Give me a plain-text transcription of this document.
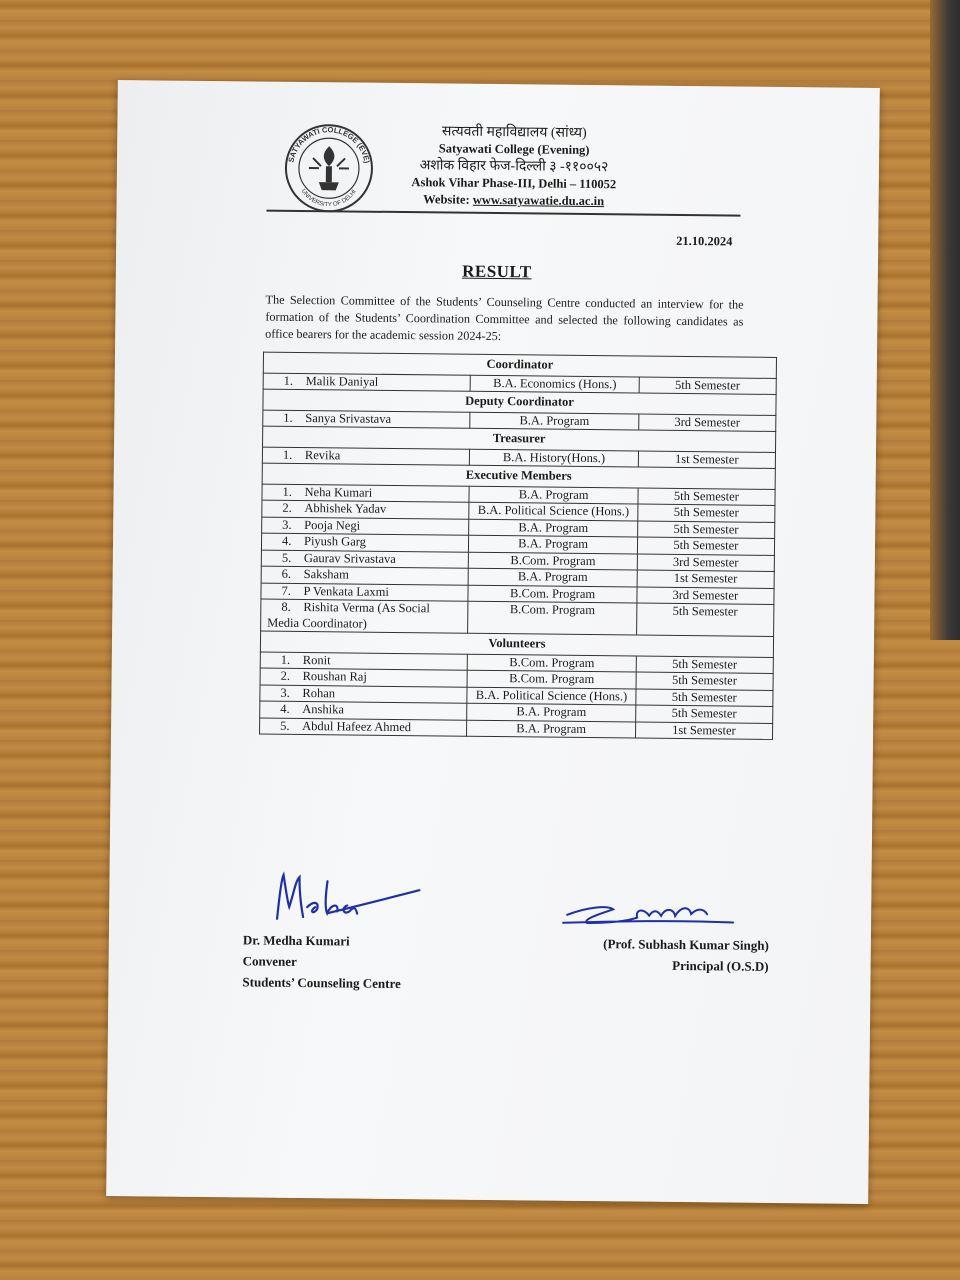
SATYAWATI COLLEGE (EVE)
UNIVERSITY OF DELHI
सत्यवती महाविद्यालय (सांध्य)
Satyawati College (Evening)
अशोक विहार फेज-दिल्ली ३ -११००५२
Ashok Vihar Phase-III, Delhi – 110052
Website: www.satyawatie.du.ac.in
21.10.2024
RESULT
The Selection Committee of the Students’ Counseling Centre conducted an interview for the formation of the Students’ Coordination Committee and selected the following candidates as office bearers for the academic session 2024-25:
Coordinator		
1. Malik Daniyal	B.A. Economics (Hons.)	5th Semester
Deputy Coordinator		
1. Sanya Srivastava	B.A. Program	3rd Semester
Treasurer		
1. Revika	B.A. History(Hons.)	1st Semester
Executive Members		
1. Neha Kumari	B.A. Program	5th Semester
2. Abhishek Yadav	B.A. Political Science (Hons.)	5th Semester
3. Pooja Negi	B.A. Program	5th Semester
4. Piyush Garg	B.A. Program	5th Semester
5. Gaurav Srivastava	B.Com. Program	3rd Semester
6. Saksham	B.A. Program	1st Semester
7. P Venkata Laxmi	B.Com. Program	3rd Semester
8. Rishita Verma (As Social Media Coordinator)	B.Com. Program	5th Semester
Volunteers		
1. Ronit	B.Com. Program	5th Semester
2. Roushan Raj	B.Com. Program	5th Semester
3. Rohan	B.A. Political Science (Hons.)	5th Semester
4. Anshika	B.A. Program	5th Semester
5. Abdul Hafeez Ahmed	B.A. Program	1st Semester
Dr. Medha Kumari
Convener
Students’ Counseling Centre
(Prof. Subhash Kumar Singh)
Principal (O.S.D)
